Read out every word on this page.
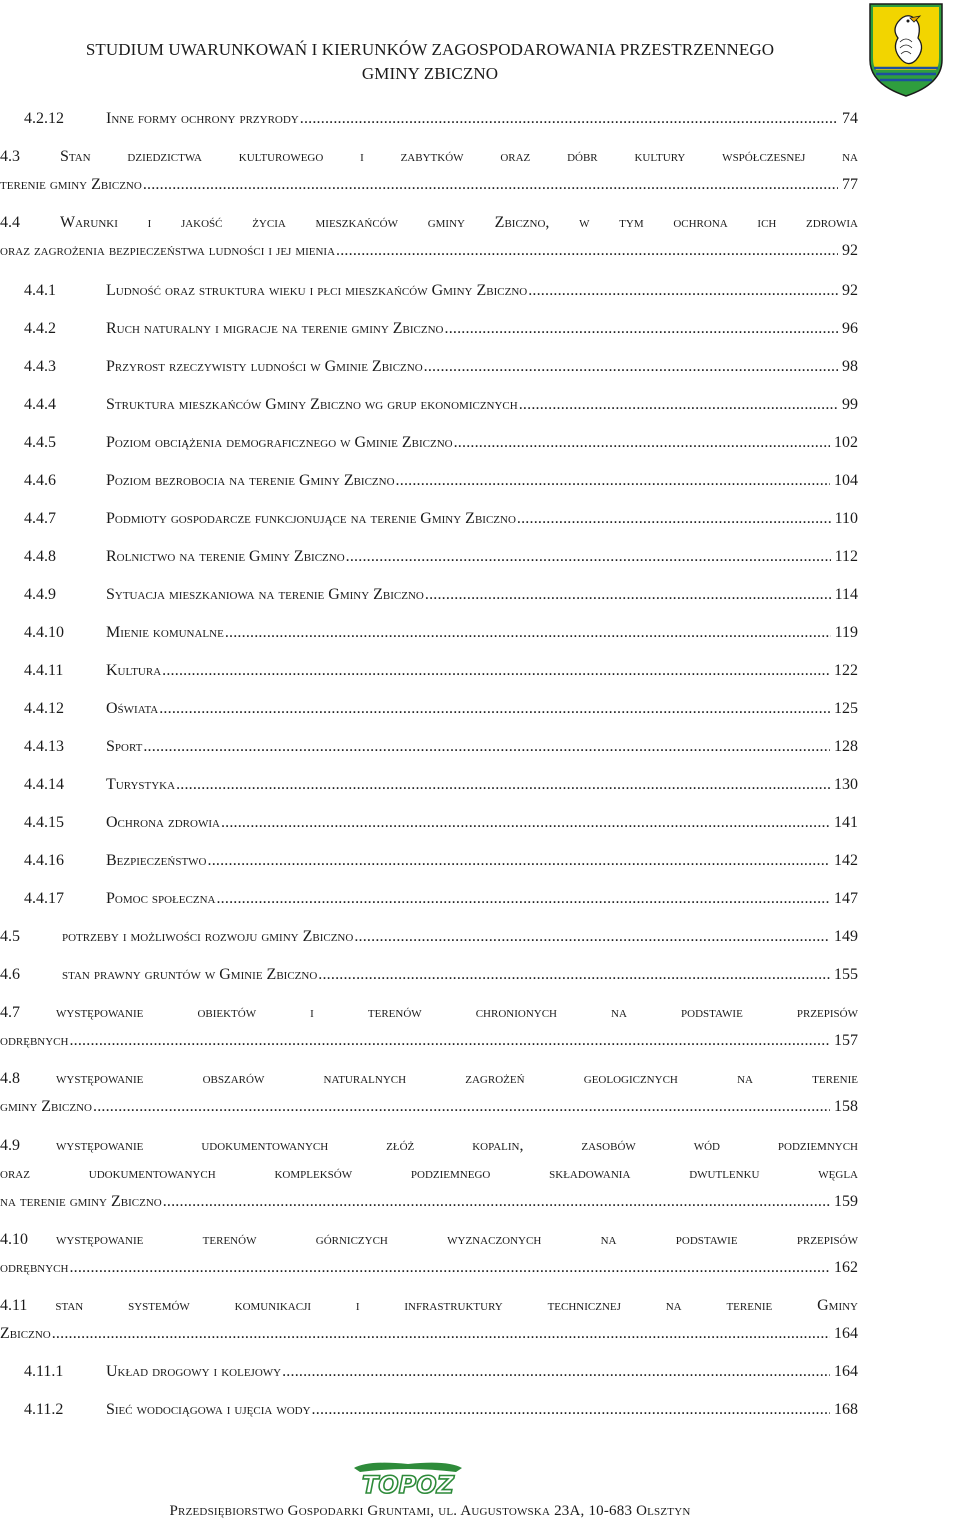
STUDIUM UWARUNKOWAŃ I KIERUNKÓW ZAGOSPODAROWANIA PRZESTRZENNEGO
GMINY ZBICZNO
4.2.12	Inne formy ochrony przyrody .....	74
4.3	Stan dziedzictwa kulturowego i zabytków oraz dóbr kultury współczesnej na
terenie gminy Zbiczno .....	77
4.4	Warunki i jakość życia mieszkańców gminy Zbiczno, w tym ochrona ich zdrowia
oraz zagrożenia bezpieczeństwa ludności i jej mienia .....	92
4.4.1	Ludność oraz struktura wieku i płci mieszkańców Gminy Zbiczno .....	92
4.4.2	Ruch naturalny i migracje na terenie gminy Zbiczno .....	96
4.4.3	Przyrost rzeczywisty ludności w Gminie Zbiczno .....	98
4.4.4	Struktura mieszkańców Gminy Zbiczno wg grup ekonomicznych .....	99
4.4.5	Poziom obciążenia demograficznego w Gminie Zbiczno .....	102
4.4.6	Poziom bezrobocia na terenie Gminy Zbiczno .....	104
4.4.7	Podmioty gospodarcze funkcjonujące na terenie Gminy Zbiczno .....	110
4.4.8	Rolnictwo na terenie Gminy Zbiczno .....	112
4.4.9	Sytuacja mieszkaniowa na terenie Gminy Zbiczno .....	114
4.4.10	Mienie komunalne .....	119
4.4.11	Kultura .....	122
4.4.12	Oświata .....	125
4.4.13	Sport .....	128
4.4.14	Turystyka .....	130
4.4.15	Ochrona zdrowia .....	141
4.4.16	Bezpieczeństwo .....	142
4.4.17	Pomoc społeczna .....	147
4.5	potrzeby i możliwości rozwoju gminy Zbiczno .....	149
4.6	stan prawny gruntów w Gminie Zbiczno .....	155
4.7 występowanie obiektów i terenów chronionych na podstawie przepisów
odrębnych .....	157
4.8 występowanie obszarów naturalnych zagrożeń geologicznych na terenie
gminy Zbiczno .....	158
4.9 występowanie udokumentowanych złóż kopalin, zasobów wód podziemnych
oraz udokumentowanych kompleksów podziemnego składowania dwutlenku węgla
na terenie gminy Zbiczno .....	159
4.10 występowanie terenów górniczych wyznaczonych na podstawie przepisów
odrębnych .....	162
4.11 stan systemów komunikacji i infrastruktury technicznej na terenie Gminy
Zbiczno .....	164
4.11.1	Układ drogowy i kolejowy .....	164
4.11.2	Sieć wodociągowa i ujęcia wody .....	168
TOPOZ
Przedsiębiorstwo Gospodarki Gruntami, ul. Augustowska 23A, 10-683 Olsztyn
